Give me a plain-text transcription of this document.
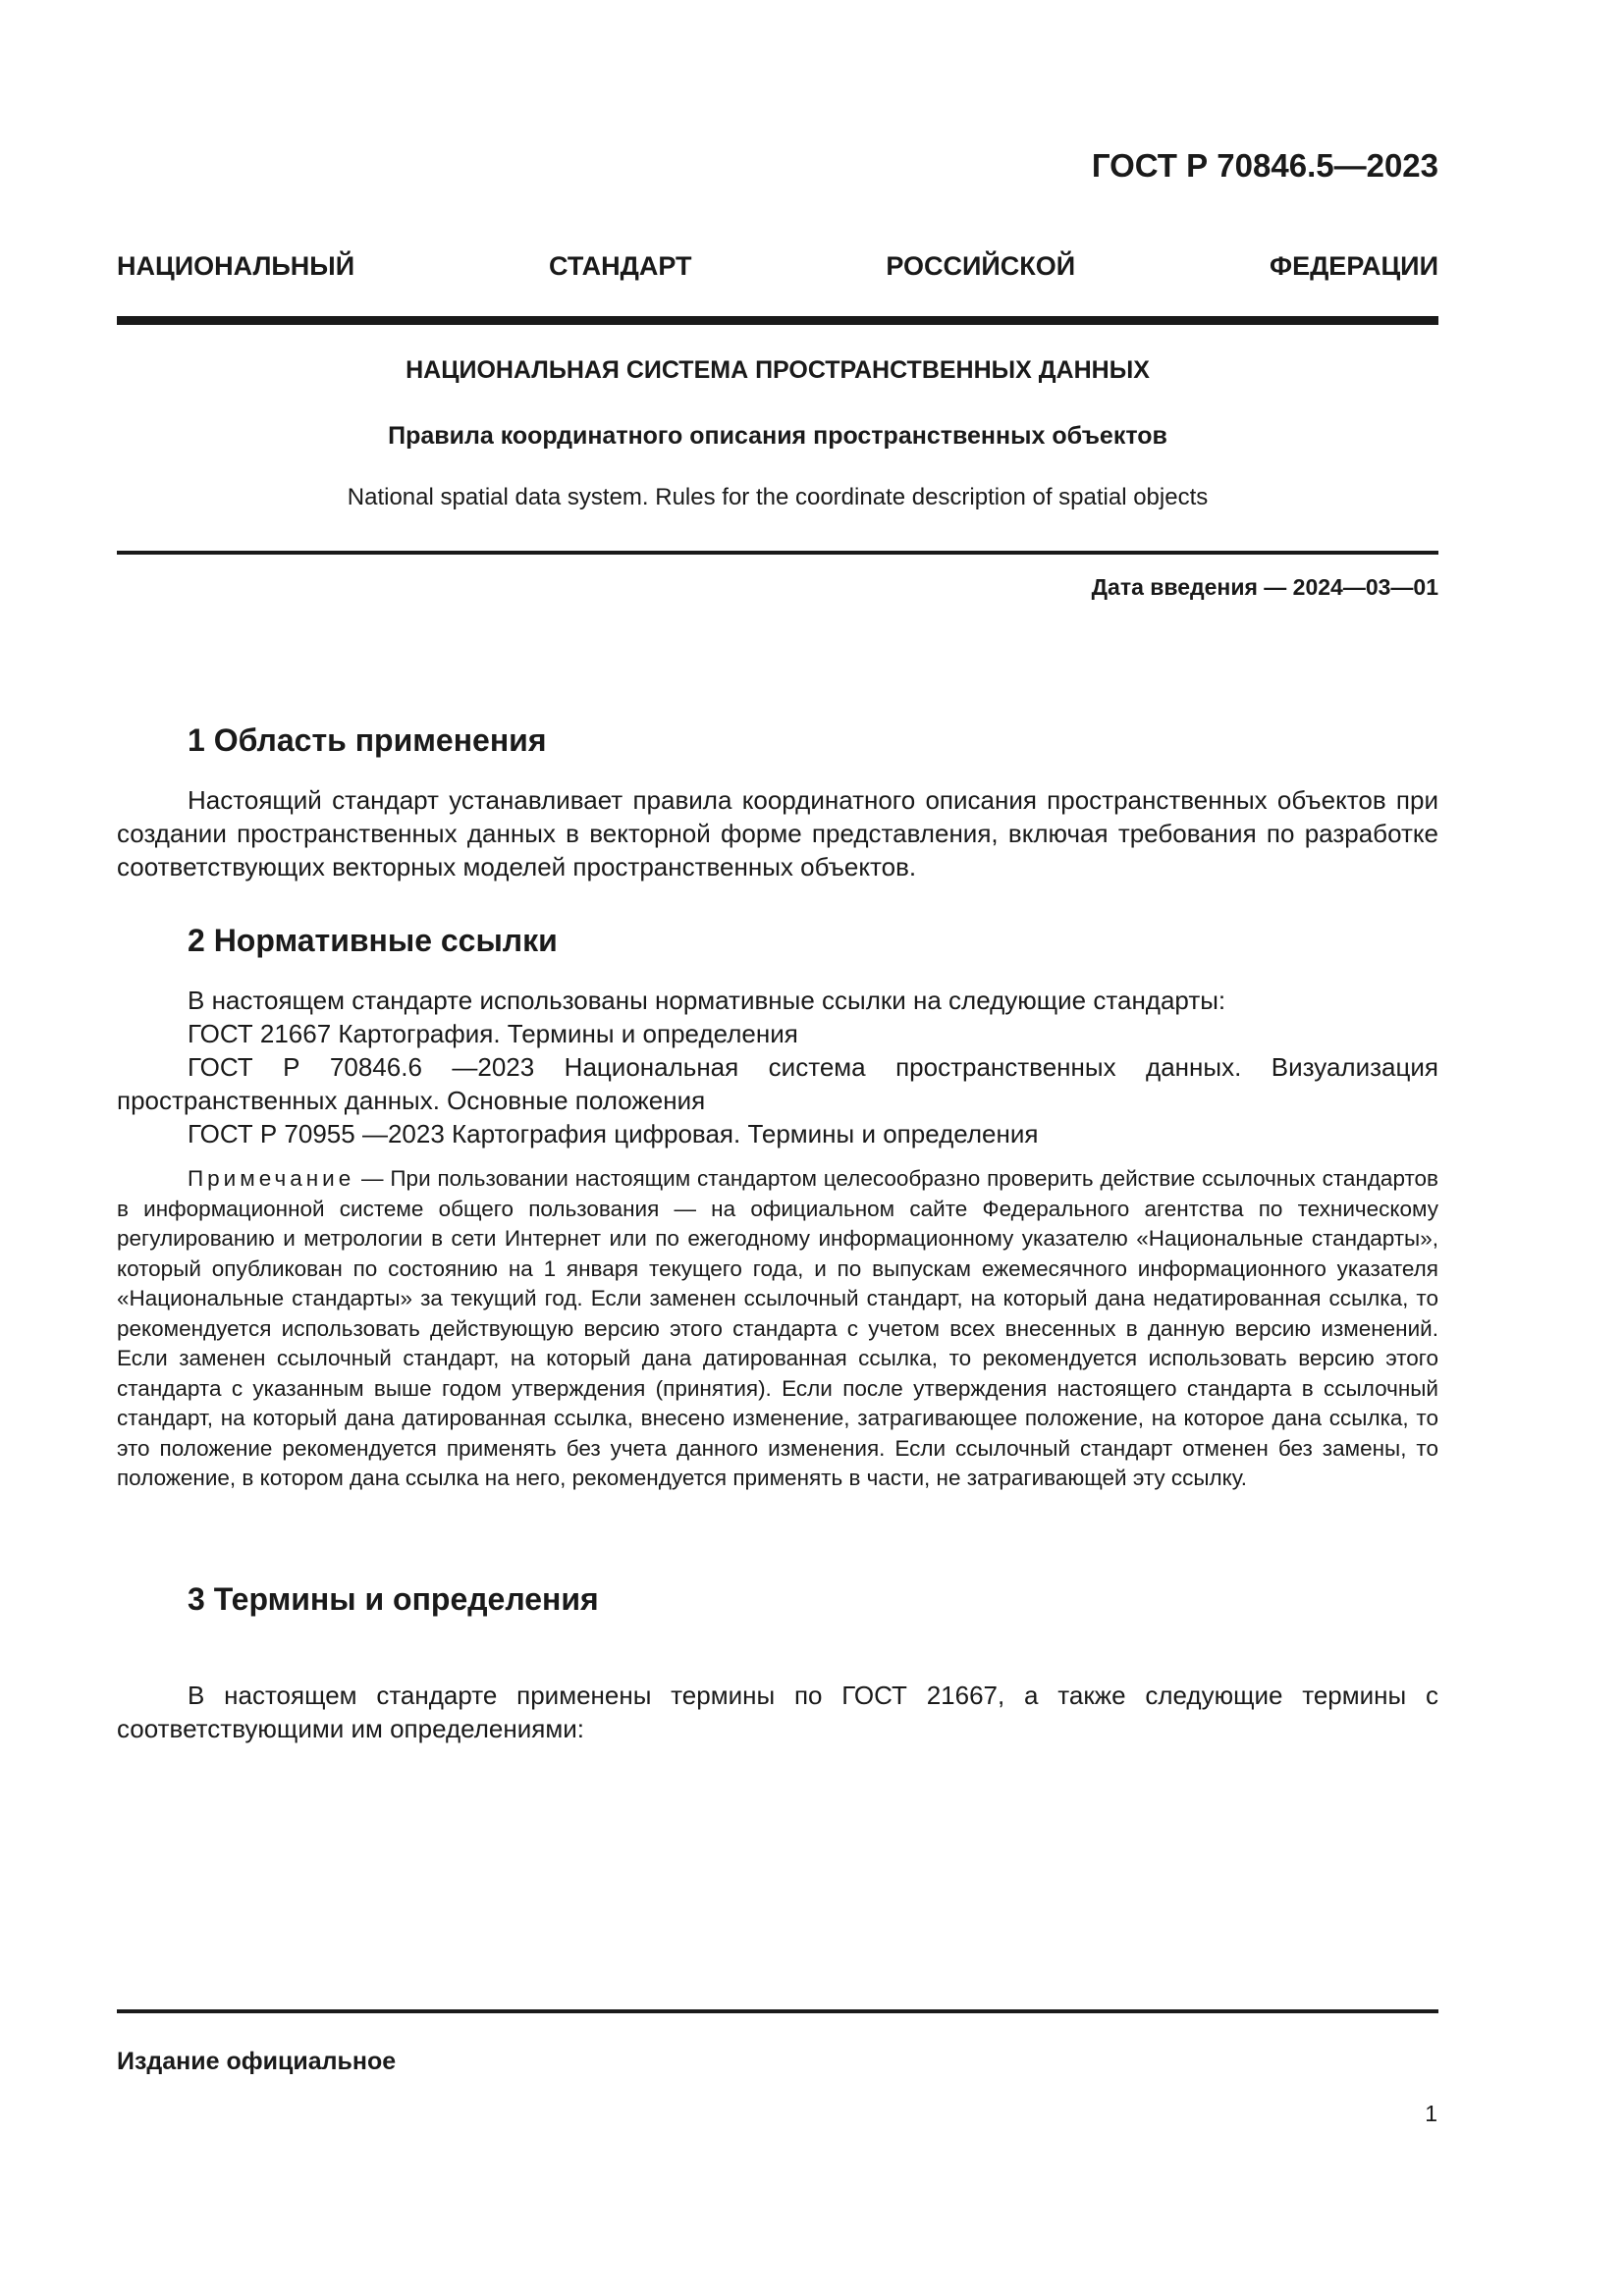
ГОСТ Р 70846.5—2023
НАЦИОНАЛЬНЫЙ СТАНДАРТ РОССИЙСКОЙ ФЕДЕРАЦИИ
НАЦИОНАЛЬНАЯ СИСТЕМА ПРОСТРАНСТВЕННЫХ ДАННЫХ
Правила координатного описания пространственных объектов
National spatial data system. Rules for the coordinate description of spatial objects
Дата введения — 2024—03—01
1 Область применения

Настоящий стандарт устанавливает правила координатного описания пространственных объектов при создании пространственных данных в векторной форме представления, включая требования по разработке соответствующих векторных моделей пространственных объектов.

2 Нормативные ссылки

В настоящем стандарте использованы нормативные ссылки на следующие стандарты:

ГОСТ 21667 Картография. Термины и определения

ГОСТ Р 70846.6 —2023 Национальная система пространственных данных. Визуализация пространственных данных. Основные положения

ГОСТ Р 70955 —2023 Картография цифровая. Термины и определения

Примечание — При пользовании настоящим стандартом целесообразно проверить действие ссылочных стандартов в информационной системе общего пользования — на официальном сайте Федерального агентства по техническому регулированию и метрологии в сети Интернет или по ежегодному информационному указателю «Национальные стандарты», который опубликован по состоянию на 1 января текущего года, и по выпускам ежемесячного информационного указателя «Национальные стандарты» за текущий год. Если заменен ссылочный стандарт, на который дана недатированная ссылка, то рекомендуется использовать действующую версию этого стандарта с учетом всех внесенных в данную версию изменений. Если заменен ссылочный стандарт, на который дана датированная ссылка, то рекомендуется использовать версию этого стандарта с указанным выше годом утверждения (принятия). Если после утверждения настоящего стандарта в ссылочный стандарт, на который дана датированная ссылка, внесено изменение, затрагивающее положение, на которое дана ссылка, то это положение рекомендуется применять без учета данного изменения. Если ссылочный стандарт отменен без замены, то положение, в котором дана ссылка на него, рекомендуется применять в части, не затрагивающей эту ссылку.

3 Термины и определения

В настоящем стандарте применены термины по ГОСТ 21667, а также следующие термины с соответствующими им определениями:

Издание официальное
1
